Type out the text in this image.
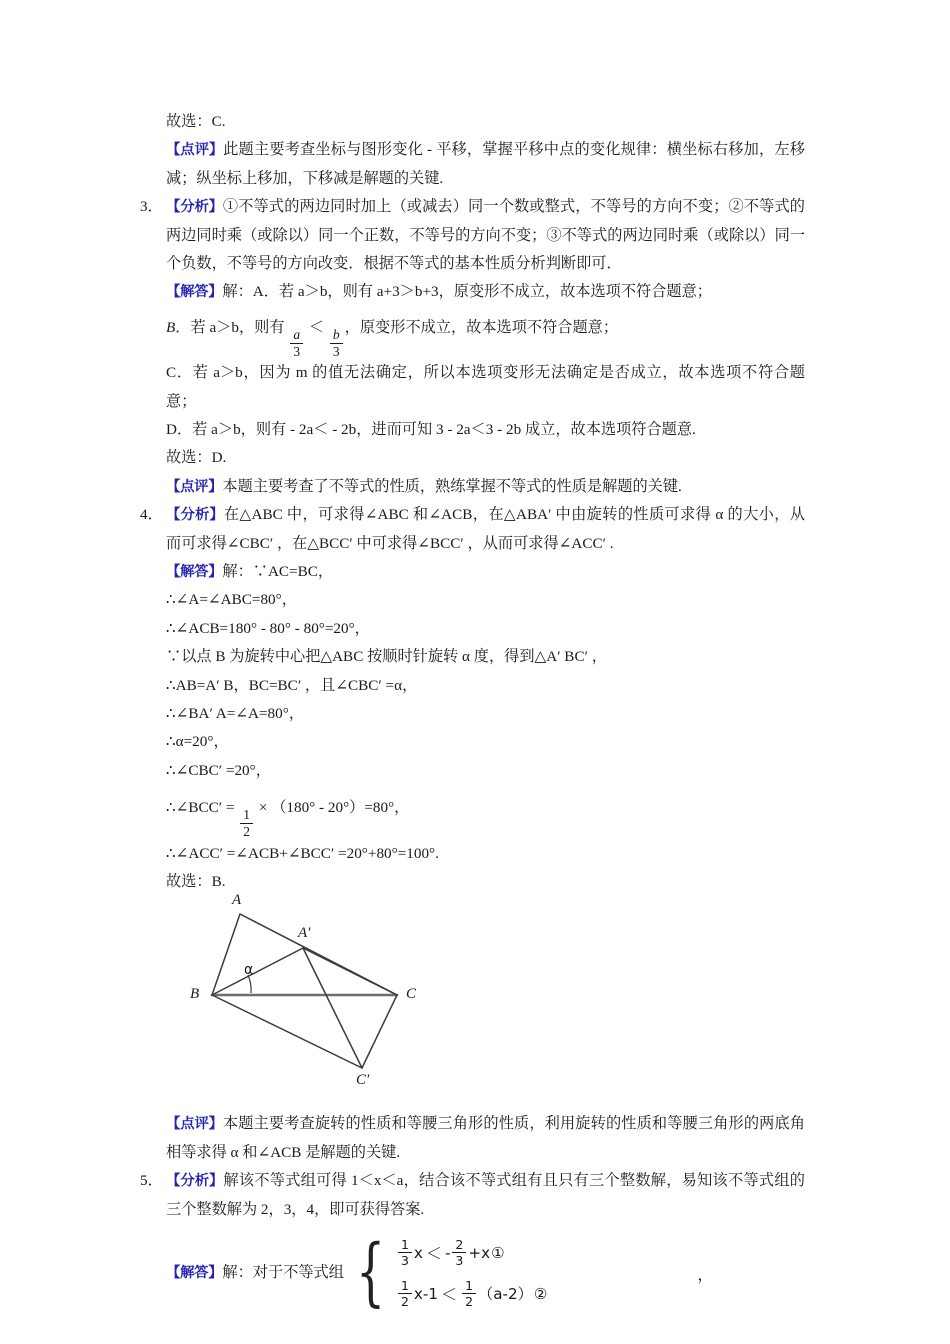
故选：C.
【点评】此题主要考查坐标与图形变化 - 平移，掌握平移中点的变化规律：横坐标右移加，左移减；纵坐标上移加，下移减是解题的关键.
3． 【分析】①不等式的两边同时加上（或减去）同一个数或整式，不等号的方向不变；②不等式的两边同时乘（或除以）同一个正数，不等号的方向不变；③不等式的两边同时乘（或除以）同一个负数，不等号的方向改变．根据不等式的基本性质分析判断即可．
【解答】解：A．若 a＞b，则有 a+3＞b+3，原变形不成立，故本选项不符合题意；
B．若 a＞b，则有
$\frac{a}{3}$
＜
$\frac{b}{3}$
，原变形不成立，故本选项不符合题意；
C．若 a＞b，因为 m 的值无法确定，所以本选项变形无法确定是否成立，故本选项不符合题意；
D．若 a＞b，则有 - 2a＜ - 2b，进而可知 3 - 2a＜3 - 2b 成立，故本选项符合题意.
故选：D.
【点评】本题主要考查了不等式的性质，熟练掌握不等式的性质是解题的关键.
4． 【分析】在△ABC 中，可求得∠ABC 和∠ACB，在△ABA′ 中由旋转的性质可求得 α 的大小，从而可求得∠CBC′ ，在△BCC′ 中可求得∠BCC′ ，从而可求得∠ACC′ .
【解答】解：∵AC=BC，
∴∠A=∠ABC=80°，
∴∠ACB=180° - 80° - 80°=20°，
∵以点 B 为旋转中心把△ABC 按顺时针旋转 α 度，得到△A′ BC′ ，
∴AB=A′ B，BC=BC′ ，且∠CBC′ =α，
∴∠BA′ A=∠A=80°，
∴α=20°，
∴∠CBC′ =20°，
∴∠BCC′ =
$\frac{1}{2}$
× （180° - 20°）=80°，
∴∠ACC′ =∠ACB+∠BCC′ =20°+80°=100°.
故选：B.
A
A′
B	C
C′
α
【点评】本题主要考查旋转的性质和等腰三角形的性质，利用旋转的性质和等腰三角形的两底角相等求得 α 和∠ACB 是解题的关键.
5． 【分析】解该不等式组可得 1＜x＜a，结合该不等式组有且只有三个整数解，易知该不等式组的三个整数解为 2，3，4，即可获得答案.
【解答】解：对于不等式组 { $\frac{1}{3}$ x ＜ - $\frac{2}{3} +x$ ①
$\frac{1}{2} x-1 < \frac{1}{2} (a-2)$ ②
，
